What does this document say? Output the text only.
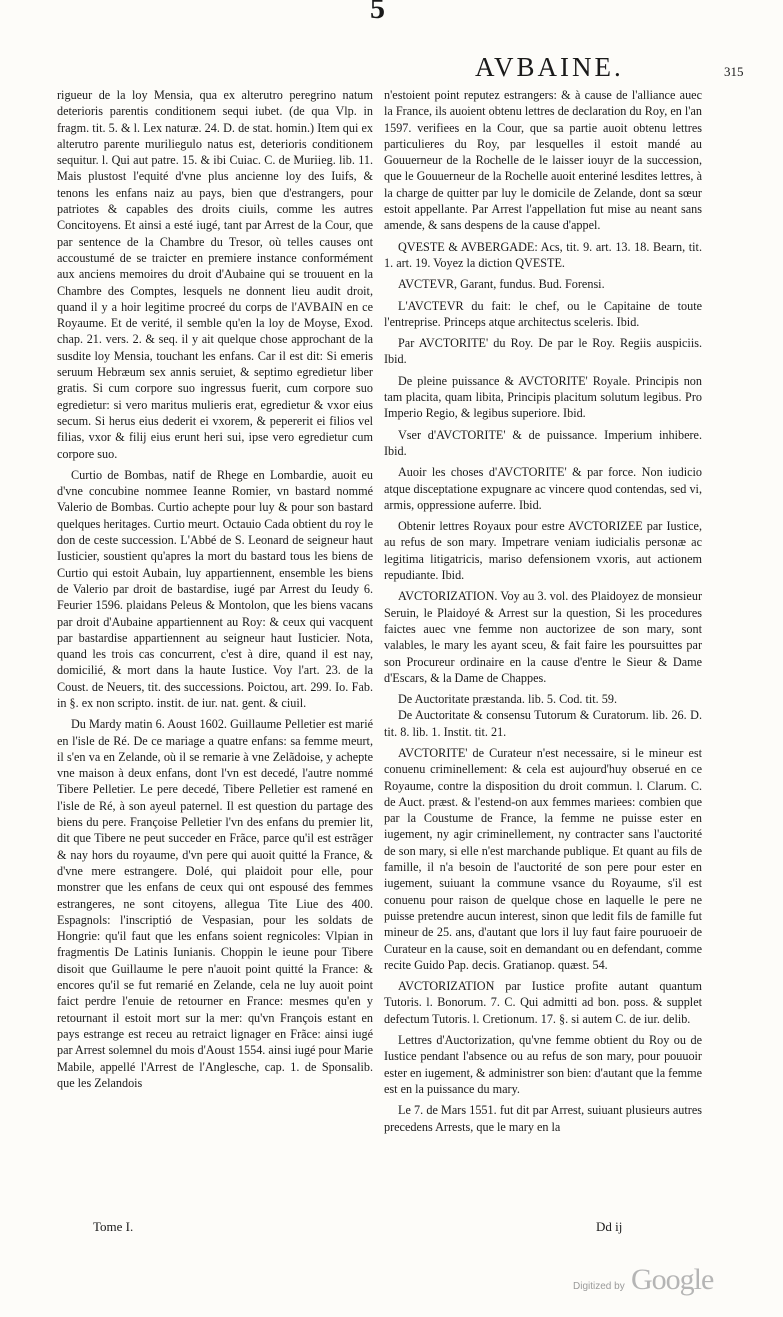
5
AVBAINE.	315

rigueur de la loy Mensia, qua ex alterutro peregrino natum deterioris parentis conditionem sequi iubet. (de qua Vlp. in fragm. tit. 5. & l. Lex naturæ. 24. D. de stat. homin.) Item qui ex alterutro parente muriliegulo natus est, deterioris conditionem sequitur. l. Qui aut patre. 15. & ibi Cuiac. C. de Muriieg. lib. 11. Mais plustost l'equité d'vne plus ancienne loy des Iuifs, & tenons les enfans naiz au pays, bien que d'estrangers, pour patriotes & capables des droits ciuils, comme les autres Concitoyens. Et ainsi a esté iugé, tant par Arrest de la Cour, que par sentence de la Chambre du Tresor, où telles causes ont accoustumé de se traicter en premiere instance conformément aux anciens memoires du droit d'Aubaine qui se trouuent en la Chambre des Comptes, lesquels ne donnent lieu audit droit, quand il y a hoir legitime procreé du corps de l'AVBAIN en ce Royaume. Et de verité, il semble qu'en la loy de Moyse, Exod. chap. 21. vers. 2. & seq. il y ait quelque chose approchant de la susdite loy Mensia, touchant les enfans. Car il est dit: Si emeris seruum Hebræum sex annis seruiet, & septimo egredietur liber gratis. Si cum corpore suo ingressus fuerit, cum corpore suo egredietur: si vero maritus mulieris erat, egredietur & vxor eius secum. Si herus eius dederit ei vxorem, & pepererit ei filios vel filias, vxor & filij eius erunt heri sui, ipse vero egredietur cum corpore suo.

Curtio de Bombas, natif de Rhege en Lombardie, auoit eu d'vne concubine nommee Ieanne Romier, vn bastard nommé Valerio de Bombas. Curtio achepte pour luy & pour son bastard quelques heritages. Curtio meurt. Octauio Cada obtient du roy le don de ceste succession. L'Abbé de S. Leonard de seigneur haut Iusticier, soustient qu'apres la mort du bastard tous les biens de Curtio qui estoit Aubain, luy appartiennent, ensemble les biens de Valerio par droit de bastardise, iugé par Arrest du Ieudy 6. Feurier 1596. plaidans Peleus & Montolon, que les biens vacans par droit d'Aubaine appartiennent au Roy: & ceux qui vacquent par bastardise appartiennent au seigneur haut Iusticier. Nota, quand les trois cas concurrent, c'est à dire, quand il est nay, domicilié, & mort dans la haute Iustice. Voy l'art. 23. de la Coust. de Neuers, tit. des successions. Poictou, art. 299. Io. Fab. in §. ex non scripto. instit. de iur. nat. gent. & ciuil.

Du Mardy matin 6. Aoust 1602. Guillaume Pelletier est marié en l'isle de Ré. De ce mariage a quatre enfans: sa femme meurt, il s'en va en Zelande, où il se remarie à vne Zelãdoise, y achepte vne maison à deux enfans, dont l'vn est decedé, l'autre nommé Tibere Pelletier. Le pere decedé, Tibere Pelletier est ramené en l'isle de Ré, à son ayeul paternel. Il est question du partage des biens du pere. Françoise Pelletier l'vn des enfans du premier lit, dit que Tibere ne peut succeder en Frãce, parce qu'il est estrãger & nay hors du royaume, d'vn pere qui auoit quitté la France, & d'vne mere estrangere. Dolé, qui plaidoit pour elle, pour monstrer que les enfans de ceux qui ont espousé des femmes estrangeres, ne sont citoyens, allegua Tite Liue des 400. Espagnols: l'inscriptió de Vespasian, pour les soldats de Hongrie: qu'il faut que les enfans soient regnicoles: Vlpian in fragmentis De Latinis Iunianis. Choppin le ieune pour Tibere disoit que Guillaume le pere n'auoit point quitté la France: & encores qu'il se fut remarié en Zelande, cela ne luy auoit point faict perdre l'enuie de retourner en France: mesmes qu'en y retournant il estoit mort sur la mer: qu'vn François estant en pays estrange est receu au retraict lignager en Frãce: ainsi iugé par Arrest solemnel du mois d'Aoust 1554. ainsi iugé pour Marie Mabile, appellé l'Arrest de l'Anglesche, cap. 1. de Sponsalib. que les Zelandois

n'estoient point reputez estrangers: & à cause de l'alliance auec la France, ils auoient obtenu lettres de declaration du Roy, en l'an 1597. verifiees en la Cour, que sa partie auoit obtenu lettres particulieres du Roy, par lesquelles il estoit mandé au Gouuerneur de la Rochelle de le laisser iouyr de la succession, que le Gouuerneur de la Rochelle auoit enteriné lesdites lettres, à la charge de quitter par luy le domicile de Zelande, dont sa sœur estoit appellante. Par Arrest l'appellation fut mise au neant sans amende, & sans despens de la cause d'appel.

QVESTE & AVBERGADE: Acs, tit. 9. art. 13. 18. Bearn, tit. 1. art. 19. Voyez la diction QVESTE.

AVCTEVR, Garant, fundus. Bud. Forensi.

L'AVCTEVR du fait: le chef, ou le Capitaine de toute l'entreprise. Princeps atque architectus sceleris. Ibid.

Par AVCTORITE' du Roy. De par le Roy. Regiis auspiciis. Ibid.

De pleine puissance & AVCTORITE' Royale. Principis non tam placita, quam libita, Principis placitum solutum legibus. Pro Imperio Regio, & legibus superiore. Ibid.

Vser d'AVCTORITE' & de puissance. Imperium inhibere. Ibid.

Auoir les choses d'AVCTORITE' & par force. Non iudicio atque disceptatione expugnare ac vincere quod contendas, sed vi, armis, oppressione auferre. Ibid.

Obtenir lettres Royaux pour estre AVCTORIZEE par Iustice, au refus de son mary. Impetrare veniam iudicialis personæ ac legitima litigatricis, mariso defensionem vxoris, aut actionem repudiante. Ibid.

AVCTORIZATION. Voy au 3. vol. des Plaidoyez de monsieur Seruin, le Plaidoyé & Arrest sur la question, Si les procedures faictes auec vne femme non auctorizee de son mary, sont valables, le mary les ayant sceu, & fait faire les poursuittes par son Procureur ordinaire en la cause d'entre le Sieur & Dame d'Escars, & la Dame de Chappes.

De Auctoritate præstanda. lib. 5. Cod. tit. 59.

De Auctoritate & consensu Tutorum & Curatorum. lib. 26. D. tit. 8. lib. 1. Instit. tit. 21.

AVCTORITE' de Curateur n'est necessaire, si le mineur est conuenu criminellement: & cela est aujourd'huy obserué en ce Royaume, contre la disposition du droit commun. l. Clarum. C. de Auct. præst. & l'estend-on aux femmes mariees: combien que par la Coustume de France, la femme ne puisse ester en iugement, ny agir criminellement, ny contracter sans l'auctorité de son mary, si elle n'est marchande publique. Et quant au fils de famille, il n'a besoin de l'auctorité de son pere pour ester en iugement, suiuant la commune vsance du Royaume, s'il est conuenu pour raison de quelque chose en laquelle le pere ne puisse pretendre aucun interest, sinon que ledit fils de famille fut mineur de 25. ans, d'autant que lors il luy faut faire pouruoeir de Curateur en la cause, soit en demandant ou en defendant, comme recite Guido Pap. decis. Gratianop. quæst. 54.

AVCTORIZATION par Iustice profite autant quantum Tutoris. l. Bonorum. 7. C. Qui admitti ad bon. poss. & supplet defectum Tutoris. l. Cretionum. 17. §. si autem C. de iur. delib.

Lettres d'Auctorization, qu'vne femme obtient du Roy ou de Iustice pendant l'absence ou au refus de son mary, pour pouuoir ester en iugement, & administrer son bien: d'autant que la femme est en la puissance du mary.

Le 7. de Mars 1551. fut dit par Arrest, suiuant plusieurs autres precedens Arrests, que le mary en la

Tome I.	Dd ij
Digitized by Google
